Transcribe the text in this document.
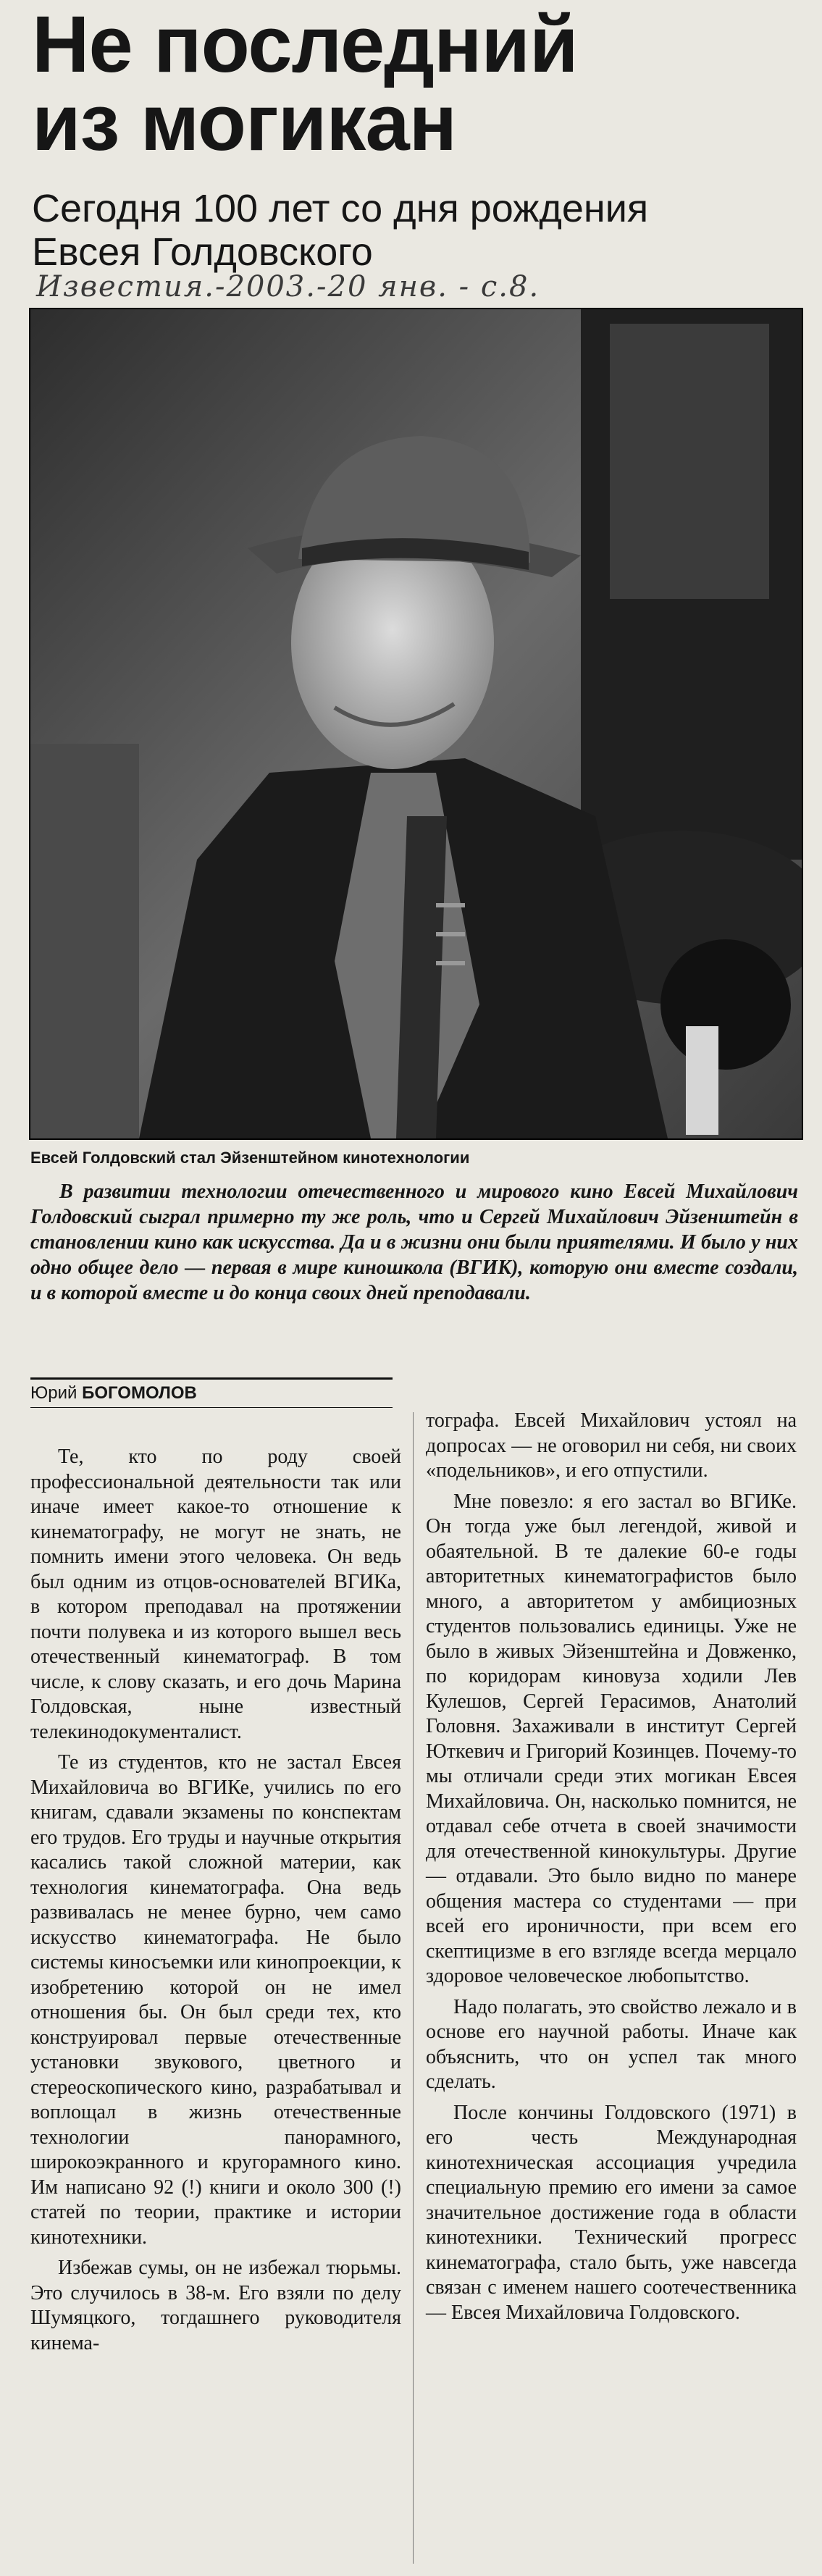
Не последний
из могикан
Сегодня 100 лет со дня рождения
Евсея Голдовского
Известия.-2003.-20 янв. - с.8.
Евсей Голдовский стал Эйзенштейном кинотехнологии

В развитии технологии отечественного и мирового кино Евсей Михайлович Голдовский сыграл примерно ту же роль, что и Сергей Михайлович Эйзенштейн в становлении кино как искусства. Да и в жизни они были приятелями. И было у них одно общее дело — первая в мире киношкола (ВГИК), которую они вместе создали, и в которой вместе и до конца своих дней преподавали.

Юрий БОГОМОЛОВ

Те, кто по роду своей профессиональной деятельности так или иначе имеет какое-то отношение к кинематографу, не могут не знать, не помнить имени этого человека. Он ведь был одним из отцов-основателей ВГИКа, в котором преподавал на протяжении почти полувека и из которого вышел весь отечественный кинематограф. В том числе, к слову сказать, и его дочь Марина Голдовская, ныне известный телекинодокументалист.

Те из студентов, кто не застал Евсея Михайловича во ВГИКе, учились по его книгам, сдавали экзамены по конспектам его трудов. Его труды и научные открытия касались такой сложной материи, как технология кинематографа. Она ведь развивалась не менее бурно, чем само искусство кинематографа. Не было системы киносъемки или кинопроекции, к изобретению которой он не имел отношения бы. Он был среди тех, кто конструировал первые отечественные установки звукового, цветного и стереоскопического кино, разрабатывал и воплощал в жизнь отечественные технологии панорамного, широкоэкранного и кругорамного кино. Им написано 92 (!) книги и около 300 (!) статей по теории, практике и истории кинотехники.

Избежав сумы, он не избежал тюрьмы. Это случилось в 38-м. Его взяли по делу Шумяцкого, тогдашнего руководителя кинема-

тографа. Евсей Михайлович устоял на допросах — не оговорил ни себя, ни своих «подельников», и его отпустили.

Мне повезло: я его застал во ВГИКе. Он тогда уже был легендой, живой и обаятельной. В те далекие 60-е годы авторитетных кинематографистов было много, а авторитетом у амбициозных студентов пользовались единицы. Уже не было в живых Эйзенштейна и Довженко, по коридорам киновуза ходили Лев Кулешов, Сергей Герасимов, Анатолий Головня. Захаживали в институт Сергей Юткевич и Григорий Козинцев. Почему-то мы отличали среди этих могикан Евсея Михайловича. Он, насколько помнится, не отдавал себе отчета в своей значимости для отечественной кинокультуры. Другие — отдавали. Это было видно по манере общения мастера со студентами — при всей его ироничности, при всем его скептицизме в его взгляде всегда мерцало здоровое человеческое любопытство.

Надо полагать, это свойство лежало и в основе его научной работы. Иначе как объяснить, что он успел так много сделать.

После кончины Голдовского (1971) в его честь Международная кинотехническая ассоциация учредила специальную премию его имени за самое значительное достижение года в области кинотехники. Технический прогресс кинематографа, стало быть, уже навсегда связан с именем нашего соотечественника — Евсея Михайловича Голдовского.
